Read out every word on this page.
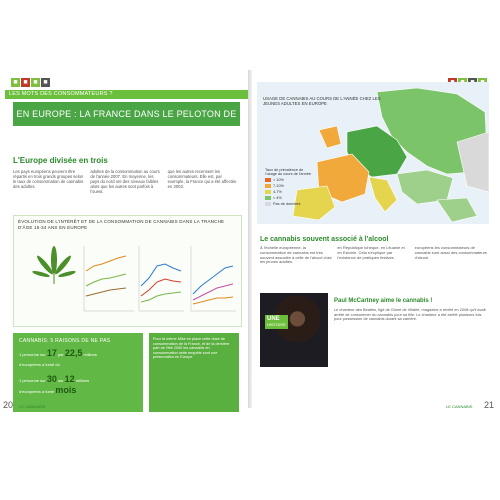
■ ■ ■ ■
LES MOTS DES CONSOMMATEURS ?
EN EUROPE : LA FRANCE DANS LE PELOTON DE TÊTE
L'Europe divisée en trois
Les pays européens peuvent être répartis en trois grands groupes selon le taux de consommation de cannabis des adultes.
adultes de la consommation au cours de l'année 2007. En moyenne, les pays du nord ont des niveaux faibles alors que les autres sont parfois à l'ouest.
que les autres recensent les consommateurs. Elle est, par exemple, la France qui a été affectée en 2003.
ÉVOLUTION DE L'INTÉRÊT ET DE LA CONSOMMATION DE CANNABIS DANS LA TRANCHE D'ÂGE 15-34 ANS EN EUROPE
CANNABIS: 5 RAISONS DE NE PAS
1 personne sur 17 par 22,5 millions
d'européens a fumé du
1 personne sur 30 sur 12 millions
d'européens a fumé mois
Pour la même Mise en place cette dose de consommation de la France, et de la dernière part de l'été 2000 les cannabis en consommation cette enquête sont une préservation en Europe
20 LE CANNABIS
USAGE DE CANNABIS AU COURS DE L'ANNÉE CHEZ LES JEUNES ADULTES EN EUROPE
Taux de prévalence de l'usage au cours de l'année
> 10%
7-10%
4-7%
< 4%
Pas de données
Le cannabis souvent associé à l'alcool
À l'échelle européenne, la consommation de cannabis est très souvent associée à celle de l'alcool chez les jeunes adultes.
en République tchèque, en Lituanie et en Estonie. Cela s'explique par l'existence de pratiques festives.
européens les consommateurs de cannabis sont aussi des consommateurs d'alcool.
UNE
HISTOIRE
Paul McCartney aime le cannabis !
Le chanteur des Beatles, figé de Gloire de Vitalité, magazine a révélé en 2008 qu'il avait arrêté de consommer du cannabis pour sa fille. Le chanteur a été arrêté plusieurs fois pour possession de cannabis durant sa carrière.
LE CANNABIS 21
